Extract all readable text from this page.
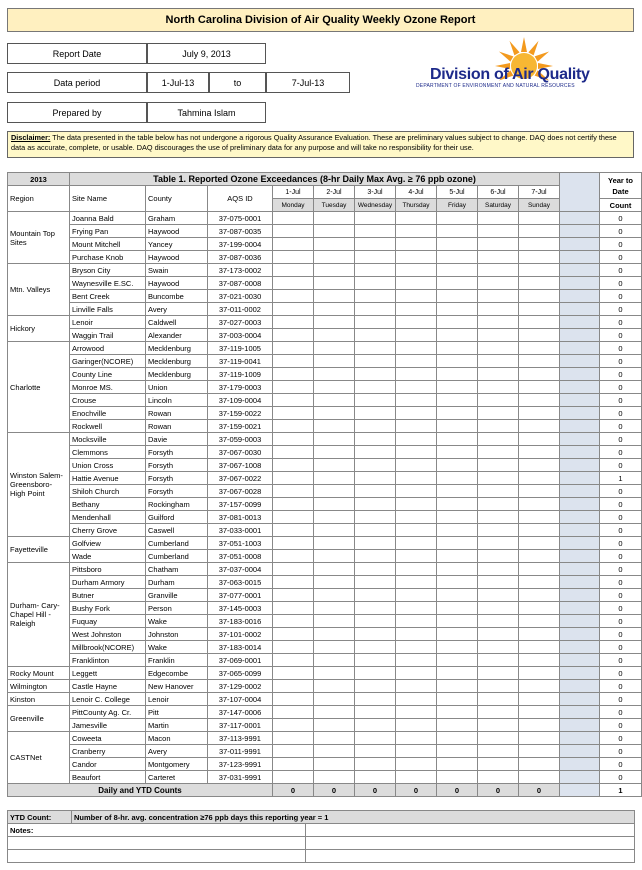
North Carolina Division of Air Quality Weekly Ozone Report
Report Date	July 9, 2013
Data period	1-Jul-13	to	7-Jul-13
Prepared by	Tahmina Islam
Division of Air Quality
DEPARTMENT OF ENVIRONMENT AND NATURAL RESOURCES
Disclaimer: The data presented in the table below has not undergone a rigorous Quality Assurance Evaluation. These are preliminary values subject to change. DAQ does not certify these data as accurate, complete, or usable. DAQ discourages the use of preliminary data for any purpose and will take no responsibility for their use.
2013	Table 1. Reported Ozone Exceedances (8-hr Daily Max Avg. ≥ 76 ppb ozone)											Year to Date
Region	Site Name	County	AQS ID	1-Jul	2-Jul	3-Jul	4-Jul	5-Jul	6-Jul	7-Jul		
				Monday	Tuesday	Wednesday	Thursday	Friday	Saturday	Sunday		Count
Mountain Top Sites	Joanna Bald	Graham	37-075-0001									0
	Frying Pan	Haywood	37-087-0035									0
	Mount Mitchell	Yancey	37-199-0004									0
	Purchase Knob	Haywood	37-087-0036									0
Mtn. Valleys	Bryson City	Swain	37-173-0002									0
	Waynesville E.SC.	Haywood	37-087-0008									0
	Bent Creek	Buncombe	37-021-0030									0
	Linville Falls	Avery	37-011-0002									0
Hickory	Lenoir	Caldwell	37-027-0003									0
	Waggin Trail	Alexander	37-003-0004									0
Charlotte	Arrowood	Mecklenburg	37-119-1005									0
	Garinger(NCORE)	Mecklenburg	37-119-0041									0
	County Line	Mecklenburg	37-119-1009									0
	Monroe MS.	Union	37-179-0003									0
	Crouse	Lincoln	37-109-0004									0
	Enochville	Rowan	37-159-0022									0
	Rockwell	Rowan	37-159-0021									0
Winston Salem-Greensboro-High Point	Mocksville	Davie	37-059-0003									0
	Clemmons	Forsyth	37-067-0030									0
	Union Cross	Forsyth	37-067-1008									0
	Hattie Avenue	Forsyth	37-067-0022									1
	Shiloh Church	Forsyth	37-067-0028									0
	Bethany	Rockingham	37-157-0099									0
	Mendenhall	Guilford	37-081-0013									0
	Cherry Grove	Caswell	37-033-0001									0
Fayetteville	Golfview	Cumberland	37-051-1003									0
	Wade	Cumberland	37-051-0008									0
Durham- Cary-Chapel Hill -Raleigh	Pittsboro	Chatham	37-037-0004									0
	Durham Armory	Durham	37-063-0015									0
	Butner	Granville	37-077-0001									0
	Bushy Fork	Person	37-145-0003									0
	Fuquay	Wake	37-183-0016									0
	West Johnston	Johnston	37-101-0002									0
	Millbrook(NCORE)	Wake	37-183-0014									0
	Franklinton	Franklin	37-069-0001									0
Rocky Mount	Leggett	Edgecombe	37-065-0099									0
Wilmington	Castle Hayne	New Hanover	37-129-0002									0
Kinston	Lenoir C. College	Lenoir	37-107-0004									0
Greenville	PittCounty Ag. Cr.	Pitt	37-147-0006									0
	Jamesville	Martin	37-117-0001									0
CASTNet	Coweeta	Macon	37-113-9991									0
	Cranberry	Avery	37-011-9991									0
	Candor	Montgomery	37-123-9991									0
	Beaufort	Carteret	37-031-9991									0
Daily and YTD Counts				0	0	0	0	0	0	0		1
YTD Count:	Number of 8-hr. avg. concentration ≥76 ppb days this reporting year = 1	
Notes:		
